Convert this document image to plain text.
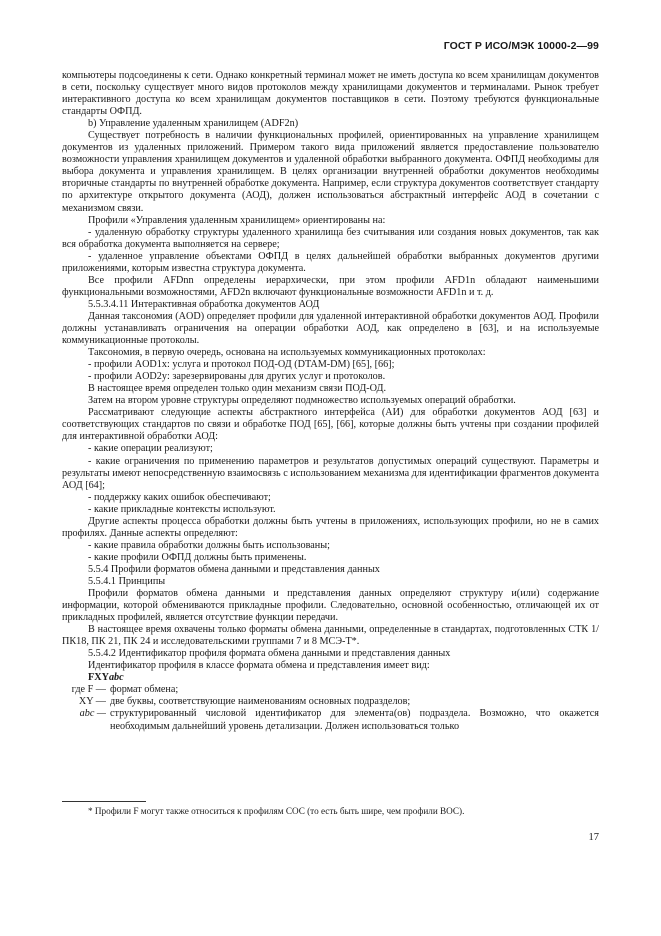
ГОСТ Р ИСО/МЭК 10000-2—99

компьютеры подсоединены к сети. Однако конкретный терминал может не иметь доступа ко всем хранилищам документов в сети, поскольку существует много видов протоколов между хранилищами документов и терминалами. Рынок требует интерактивного доступа ко всем хранилищам документов поставщиков в сети. Поэтому требуются функциональные стандарты ОФПД.

b) Управление удаленным хранилищем (ADF2n)

Существует потребность в наличии функциональных профилей, ориентированных на управление хранилищем документов из удаленных приложений. Примером такого вида приложений является предоставление пользователю возможности управления хранилищем документов и удаленной обработки выбранного документа. ОФПД необходимы для выбора документа и управления хранилищем. В целях организации внутренней обработки документов необходимы вторичные стандарты по внутренней обработке документа. Например, если структура документов соответствует стандарту по архитектуре открытого документа (АОД), должен использоваться абстрактный интерфейс АОД в сочетании с механизмом связи.

Профили «Управления удаленным хранилищем» ориентированы на:

- удаленную обработку структуры удаленного хранилища без считывания или создания новых документов, так как вся обработка документа выполняется на сервере;

- удаленное управление объектами ОФПД в целях дальнейшей обработки выбранных документов другими приложениями, которым известна структура документа.

Все профили AFDnn определены иерархически, при этом профили AFD1n обладают наименьшими функциональными возможностями, AFD2n включают функциональные возможности AFD1n и т. д.

5.5.3.4.11 Интерактивная обработка документов АОД

Данная таксономия (AOD) определяет профили для удаленной интерактивной обработки документов АОД. Профили должны устанавливать ограничения на операции обработки АОД, как определено в [63], и на используемые коммуникационные протоколы.

Таксономия, в первую очередь, основана на используемых коммуникационных протоколах:

- профили AOD1x: услуга и протокол ПОД-ОД (DTAM-DM) [65], [66];

- профили AOD2y: зарезервированы для других услуг и протоколов.

В настоящее время определен только один механизм связи ПОД-ОД.

Затем на втором уровне структуры определяют подмножество используемых операций обработки.

Рассматривают следующие аспекты абстрактного интерфейса (АИ) для обработки документов АОД [63] и соответствующих стандартов по связи и обработке ПОД [65], [66], которые должны быть учтены при создании профилей для интерактивной обработки АОД:

- какие операции реализуют;

- какие ограничения по применению параметров и результатов допустимых операций существуют. Параметры и результаты имеют непосредственную взаимосвязь с использованием механизма для идентификации фрагментов документа АОД [64];

- поддержку каких ошибок обеспечивают;

- какие прикладные контексты используют.

Другие аспекты процесса обработки должны быть учтены в приложениях, использующих профили, но не в самих профилях. Данные аспекты определяют:

- какие правила обработки должны быть использованы;

- какие профили ОФПД должны быть применены.

5.5.4 Профили форматов обмена данными и представления данных

5.5.4.1 Принципы

Профили форматов обмена данными и представления данных определяют структуру и(или) содержание информации, которой обмениваются прикладные профили. Следовательно, основной особенностью, отличающей их от прикладных профилей, является отсутствие функции передачи.

В настоящее время охвачены только форматы обмена данными, определенные в стандартах, подготовленных СТК 1/ПК18, ПК 21, ПК 24 и исследовательскими группами 7 и 8 МСЭ-Т*.

5.5.4.2 Идентификатор профиля формата обмена данными и представления данных

Идентификатор профиля в классе формата обмена и представления имеет вид:

FXYabc

где F — формат обмена;
XY — две буквы, соответствующие наименованиям основных подразделов;
abc — структурированный числовой идентификатор для элемента(ов) подраздела. Возможно, что окажется необходимым дальнейший уровень детализации. Должен использоваться только
* Профили F могут также относиться к профилям СОС (то есть быть шире, чем профили ВОС).
17
